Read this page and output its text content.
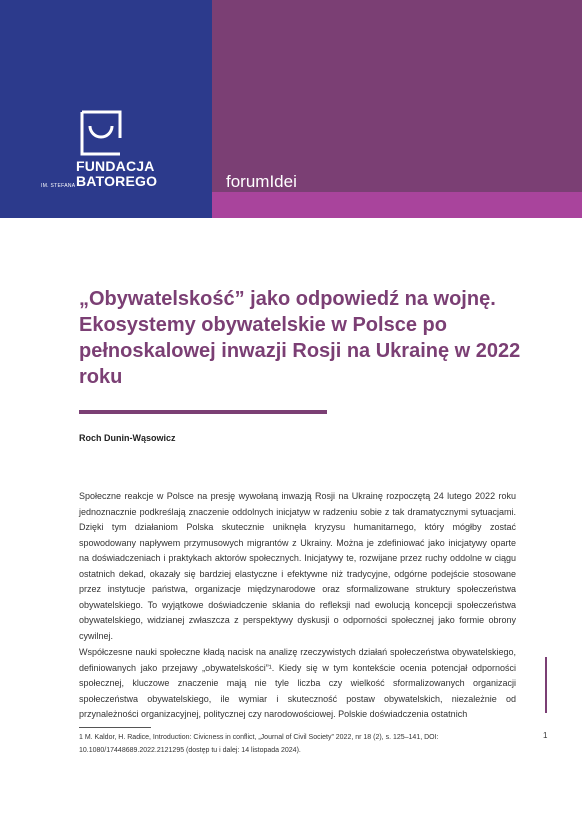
FUNDACJA
IM. STEFANA BATOREGO	forumIdei
„Obywatelskość” jako odpowiedź na wojnę. Ekosystemy obywatelskie w Polsce po pełnoskalowej inwazji Rosji na Ukrainę w 2022 roku
Roch Dunin-Wąsowicz

Społeczne reakcje w Polsce na presję wywołaną inwazją Rosji na Ukrainę rozpoczętą 24 lutego 2022 roku jednoznacznie podkreślają znaczenie oddolnych inicjatyw w radzeniu sobie z tak dramatycznymi sytuacjami. Dzięki tym działaniom Polska skutecznie uniknęła kryzysu humanitarnego, który mógłby zostać spowodowany napływem przymusowych migrantów z Ukrainy. Można je zdefiniować jako inicjatywy oparte na doświadczeniach i praktykach aktorów społecznych. Inicjatywy te, rozwijane przez ruchy oddolne w ciągu ostatnich dekad, okazały się bardziej elastyczne i efektywne niż tradycyjne, odgórne podejście stosowane przez instytucje państwa, organizacje międzynarodowe oraz sformalizowane struktury społeczeństwa obywatelskiego. To wyjątkowe doświadczenie skłania do refleksji nad ewolucją koncepcji społeczeństwa obywatelskiego, widzianej zwłaszcza z perspektywy dyskusji o odporności społecznej jako formie obrony cywilnej.

Współczesne nauki społeczne kładą nacisk na analizę rzeczywistych działań społeczeństwa obywatelskiego, definiowanych jako przejawy „obywatelskości”¹. Kiedy się w tym kontekście ocenia potencjał odporności społecznej, kluczowe znaczenie mają nie tyle liczba czy wielkość sformalizowanych organizacji społeczeństwa obywatelskiego, ile wymiar i skuteczność postaw obywatelskich, niezależnie od przynależności organizacyjnej, politycznej czy narodowościowej. Polskie doświadczenia ostatnich

1 M. Kaldor, H. Radice, Introduction: Civicness in conflict, „Journal of Civil Society” 2022, nr 18 (2), s. 125–141, DOI: 10.1080/17448689.2022.2121295 (dostęp tu i dalej: 14 listopada 2024).

1
